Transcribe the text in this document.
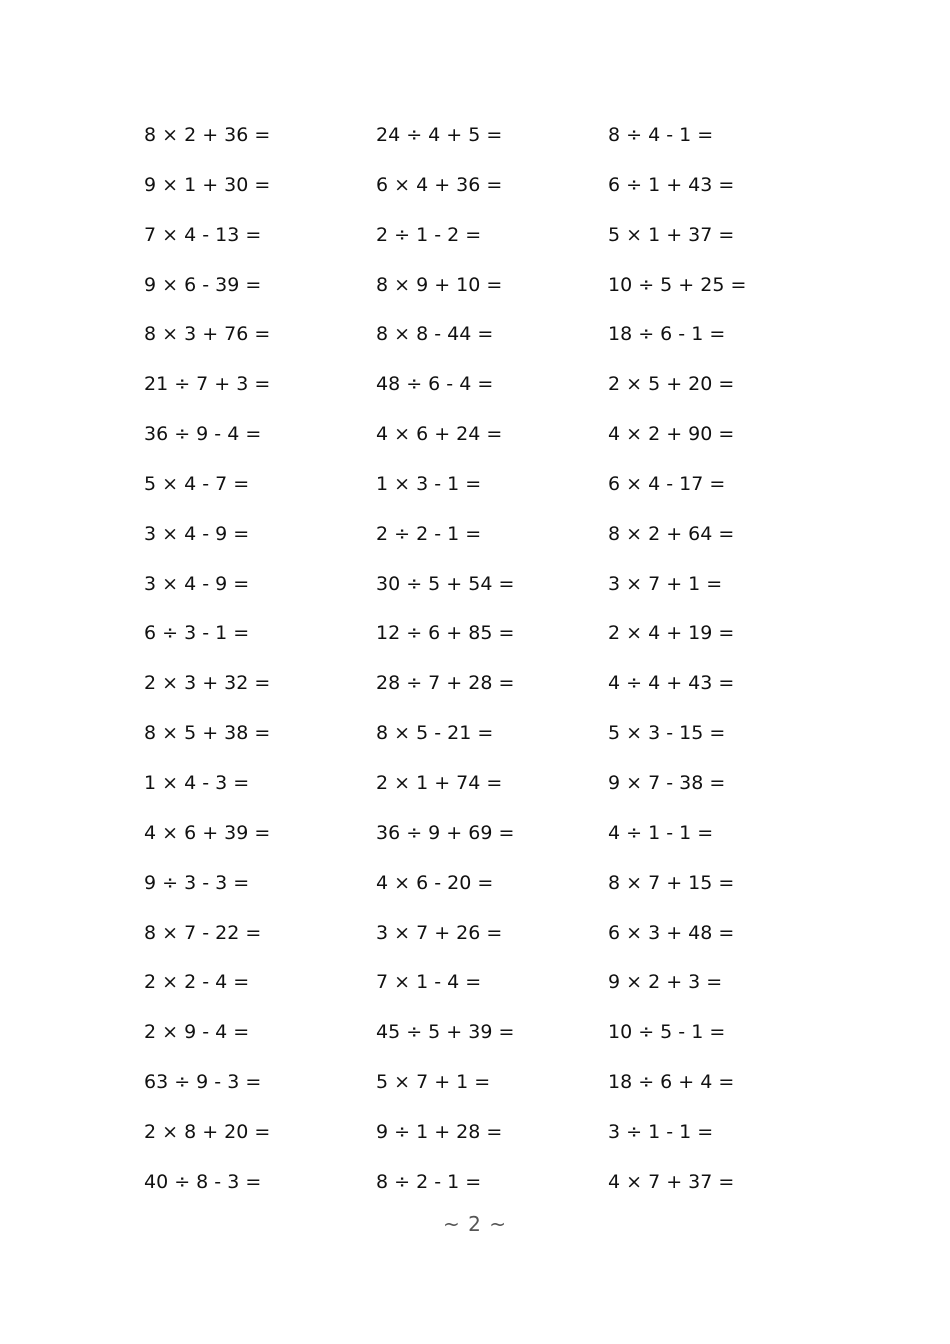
8 × 2 + 36 =	24 ÷ 4 + 5 =	8 ÷ 4 - 1 =
9 × 1 + 30 =	6 × 4 + 36 =	6 ÷ 1 + 43 =
7 × 4 - 13 =	2 ÷ 1 - 2 =	5 × 1 + 37 =
9 × 6 - 39 =	8 × 9 + 10 =	10 ÷ 5 + 25 =
8 × 3 + 76 =	8 × 8 - 44 =	18 ÷ 6 - 1 =
21 ÷ 7 + 3 =	48 ÷ 6 - 4 =	2 × 5 + 20 =
36 ÷ 9 - 4 =	4 × 6 + 24 =	4 × 2 + 90 =
5 × 4 - 7 =	1 × 3 - 1 =	6 × 4 - 17 =
3 × 4 - 9 =	2 ÷ 2 - 1 =	8 × 2 + 64 =
3 × 4 - 9 =	30 ÷ 5 + 54 =	3 × 7 + 1 =
6 ÷ 3 - 1 =	12 ÷ 6 + 85 =	2 × 4 + 19 =
2 × 3 + 32 =	28 ÷ 7 + 28 =	4 ÷ 4 + 43 =
8 × 5 + 38 =	8 × 5 - 21 =	5 × 3 - 15 =
1 × 4 - 3 =	2 × 1 + 74 =	9 × 7 - 38 =
4 × 6 + 39 =	36 ÷ 9 + 69 =	4 ÷ 1 - 1 =
9 ÷ 3 - 3 =	4 × 6 - 20 =	8 × 7 + 15 =
8 × 7 - 22 =	3 × 7 + 26 =	6 × 3 + 48 =
2 × 2 - 4 =	7 × 1 - 4 =	9 × 2 + 3 =
2 × 9 - 4 =	45 ÷ 5 + 39 =	10 ÷ 5 - 1 =
63 ÷ 9 - 3 =	5 × 7 + 1 =	18 ÷ 6 + 4 =
2 × 8 + 20 =	9 ÷ 1 + 28 =	3 ÷ 1 - 1 =
40 ÷ 8 - 3 =	8 ÷ 2 - 1 =	4 × 7 + 37 =
~ 2 ~
